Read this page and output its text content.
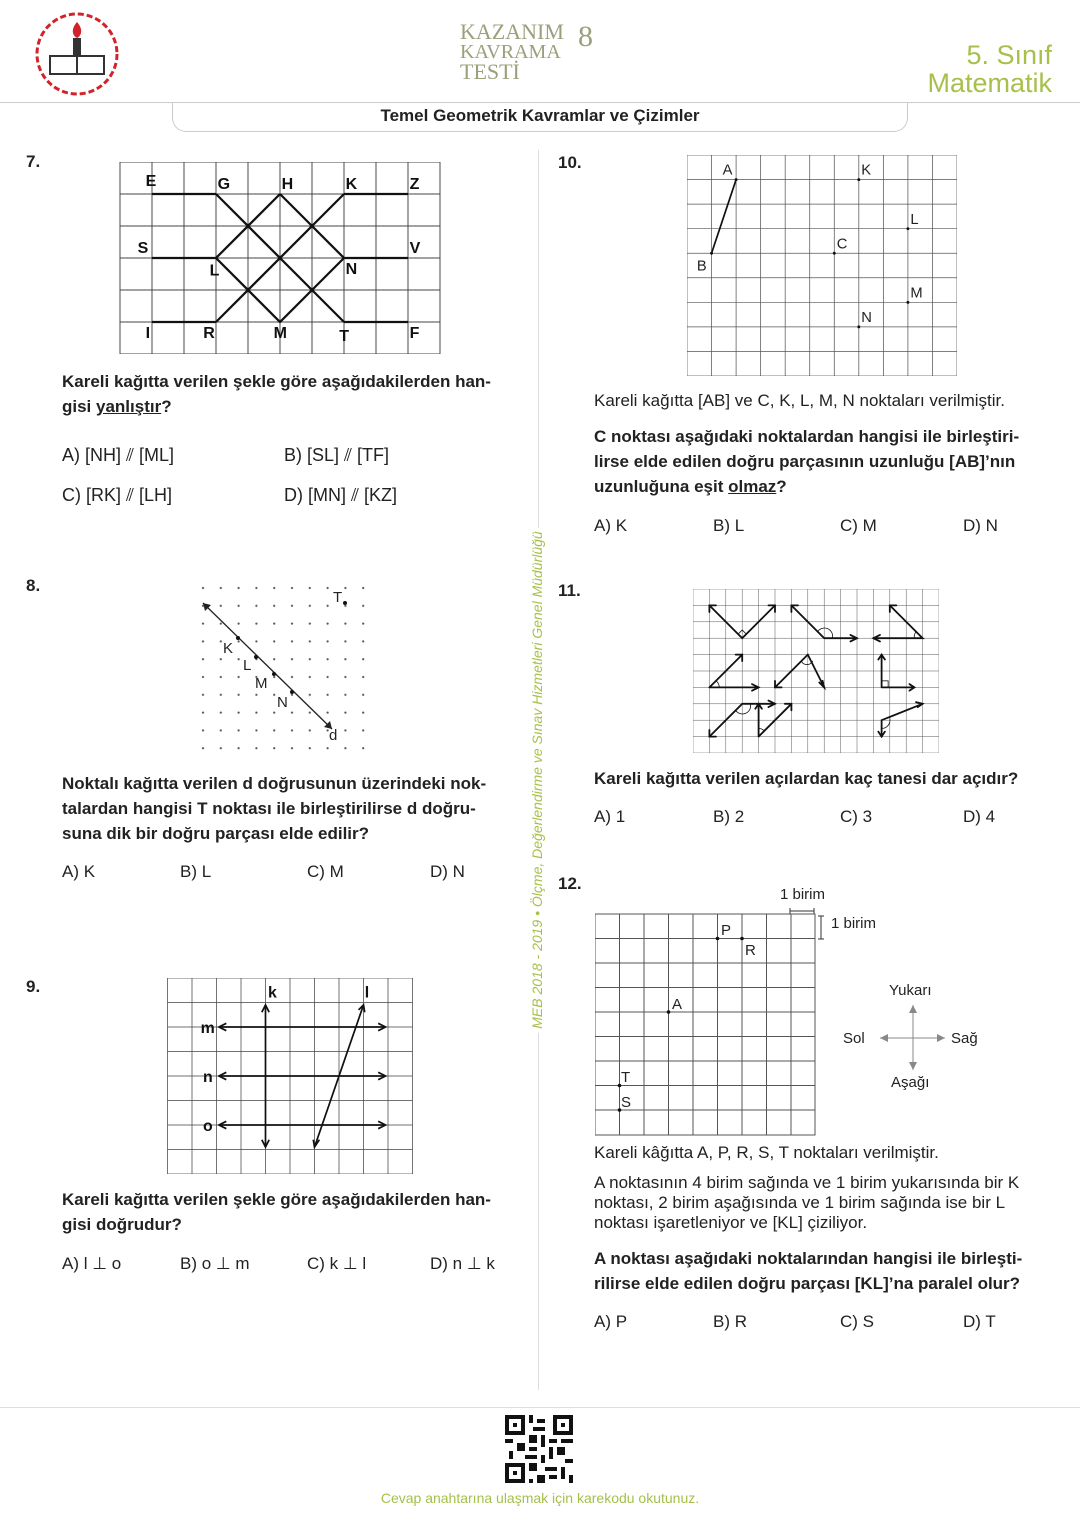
KAZANIM
KAVRAMA
TESTİ
8
5. Sınıf
Matematik
Temel Geometrik Kavramlar ve Çizimler
MEB 2018 - 2019 • Ölçme, Değerlendirme ve Sınav Hizmetleri Genel Müdürlüğü
7.
Kareli kağıtta verilen şekle göre aşağıdakilerden han-
gisi yanlıştır?
A) [NH] ⫽ [ML]	B) [SL] ⫽ [TF]
C) [RK] ⫽ [LH]	D) [MN] ⫽ [KZ]
8.
T
K
L
M
N
d
Noktalı kağıtta verilen d doğrusunun üzerindeki nok-
talardan hangisi T noktası ile birleştirilirse d doğru-
suna dik bir doğru parçası elde edilir?
A) K	B) L	C) M	D) N
9.
Kareli kağıtta verilen şekle göre aşağıdakilerden han-
gisi doğrudur?
A) l ⊥ o	B) o ⊥ m	C) k ⊥ l	D) n ⊥ k
10.
Kareli kağıtta [AB] ve C, K, L, M, N noktaları verilmiştir.
C noktası aşağıdaki noktalardan hangisi ile birleştiri-
lirse elde edilen doğru parçasının uzunluğu [AB]’nın
uzunluğuna eşit olmaz?
A) K	B) L	C) M	D) N
11.
Kareli kağıtta verilen açılardan kaç tanesi dar açıdır?
A) 1	B) 2	C) 3	D) 4
12.
1 birim
1 birim
P
R
A
T
S
Yukarı
Aşağı
Sol	Sağ
Kareli kâğıtta A, P, R, S, T noktaları verilmiştir.
A noktasının 4 birim sağında ve 1 birim yukarısında bir K
noktası, 2 birim aşağısında ve 1 birim sağında ise bir L
noktası işaretleniyor ve [KL] çiziliyor.
A noktası aşağıdaki noktalarından hangisi ile birleşti-
rilirse elde edilen doğru parçası [KL]’na paralel olur?
A) P	B) R	C) S	D) T
Cevap anahtarına ulaşmak için karekodu okutunuz.
